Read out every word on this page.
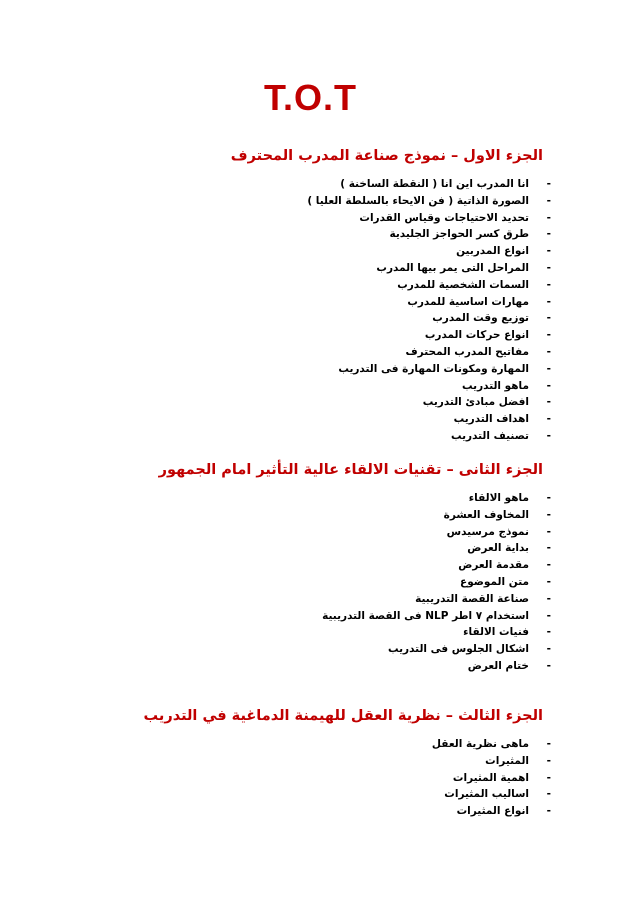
T.O.T
الجزء الاول – نموذج صناعة المدرب المحترف
-
انا المدرب اين انا ( النقطة الساخنة )
-
الصورة الذاتية ( فن الايحاء بالسلطة العليا )
-
تحديد الاحتياجات وقياس القدرات
-
طرق كسر الحواجز الجليدية
-
انواع المدربين
-
المراحل التى يمر بيها المدرب
-
السمات الشخصية للمدرب
-
مهارات اساسية للمدرب
-
توزيع وقت المدرب
-
انواع حركات المدرب
-
مفاتيح المدرب المحترف
-
المهارة ومكونات المهارة فى التدريب
-
ماهو التدريب
-
افضل مبادئ التدريب
-
اهداف التدريب
-
تصنيف التدريب
الجزء الثانى – تقنيات الالقاء عالية التأثير امام الجمهور
-
ماهو الالقاء
-
المخاوف العشرة
-
نموذج مرسيدس
-
بداية العرض
-
مقدمة العرض
-
متن الموضوع
-
صناعة القصة التدريبية
-
استخدام ٧ اطر NLP فى القصة التدريبية
-
فنيات الالقاء
-
اشكال الجلوس فى التدريب
-
ختام العرض
الجزء الثالث – نظرية العقل للهيمنة الدماغية في التدريب
-
ماهى نظرية العقل
-
المثيرات
-
اهمية المثيرات
-
اساليب المثيرات
-
انواع المثيرات
